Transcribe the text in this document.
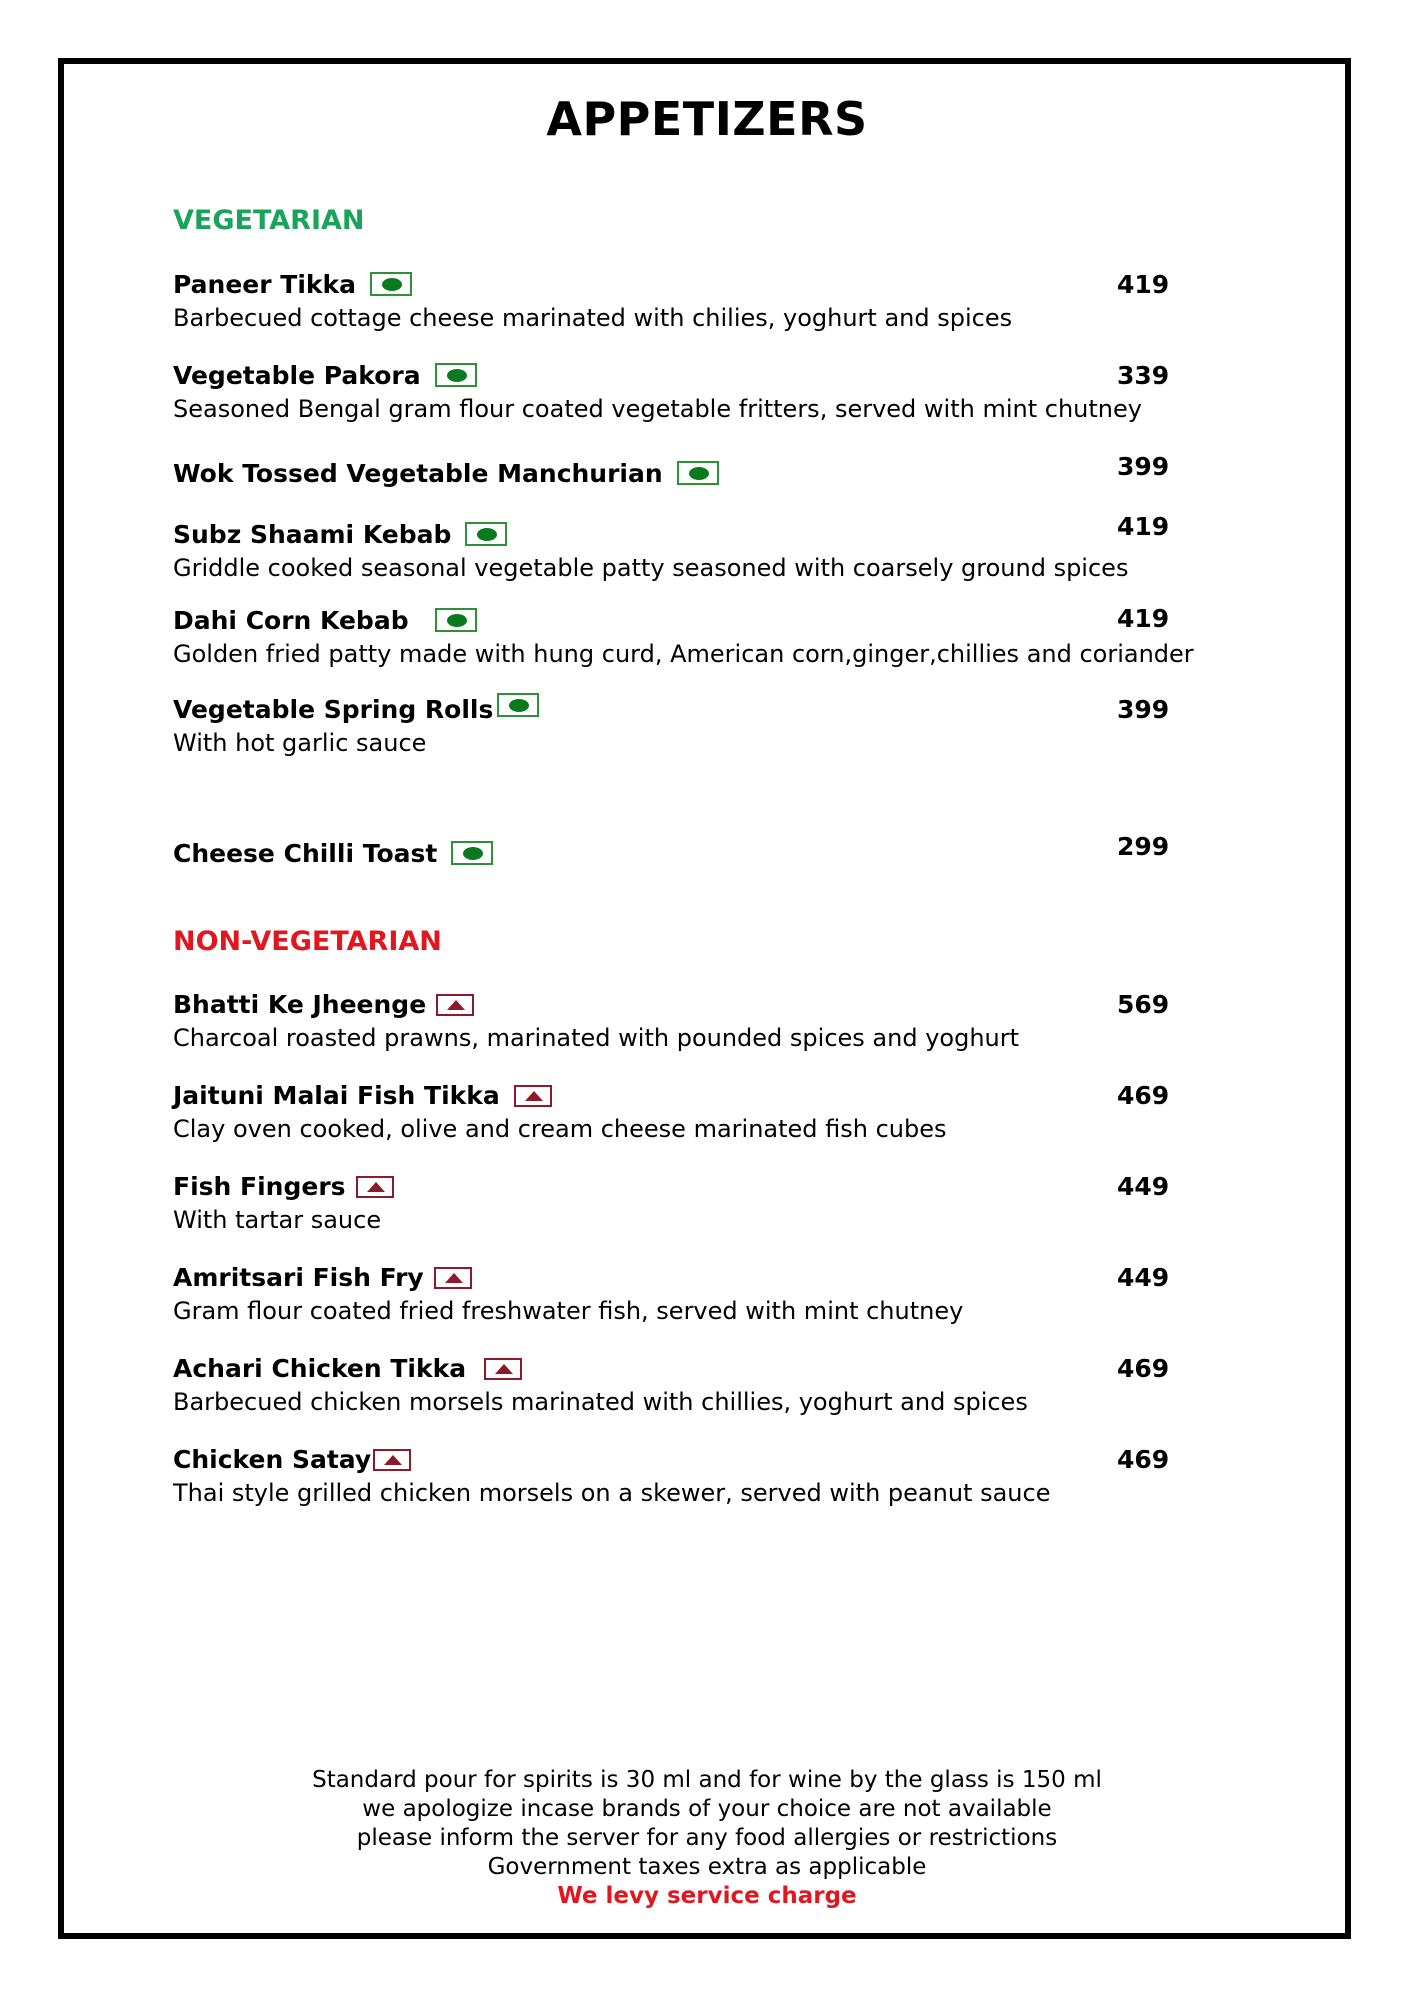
APPETIZERS
VEGETARIAN
Paneer Tikka
Barbecued cottage cheese marinated with chilies, yoghurt and spices
419
Vegetable Pakora
Seasoned Bengal gram flour coated vegetable fritters, served with mint chutney
339
Wok Tossed Vegetable Manchurian	399
Subz Shaami Kebab
Griddle cooked seasonal vegetable patty seasoned with coarsely ground spices
419
Dahi Corn Kebab
Golden fried patty made with hung curd, American corn,ginger,chillies and coriander
419
Vegetable Spring Rolls
With hot garlic sauce
399
Cheese Chilli Toast	299
NON-VEGETARIAN
Bhatti Ke Jheenge
Charcoal roasted prawns, marinated with pounded spices and yoghurt
569
Jaituni Malai Fish Tikka
Clay oven cooked, olive and cream cheese marinated fish cubes
469
Fish Fingers
With tartar sauce
449
Amritsari Fish Fry
Gram flour coated fried freshwater fish, served with mint chutney
449
Achari Chicken Tikka
Barbecued chicken morsels marinated with chillies, yoghurt and spices
469
Chicken Satay
Thai style grilled chicken morsels on a skewer, served with peanut sauce
469
Standard pour for spirits is 30 ml and for wine by the glass is 150 ml
we apologize incase brands of your choice are not available
please inform the server for any food allergies or restrictions
Government taxes extra as applicable
We levy service charge
